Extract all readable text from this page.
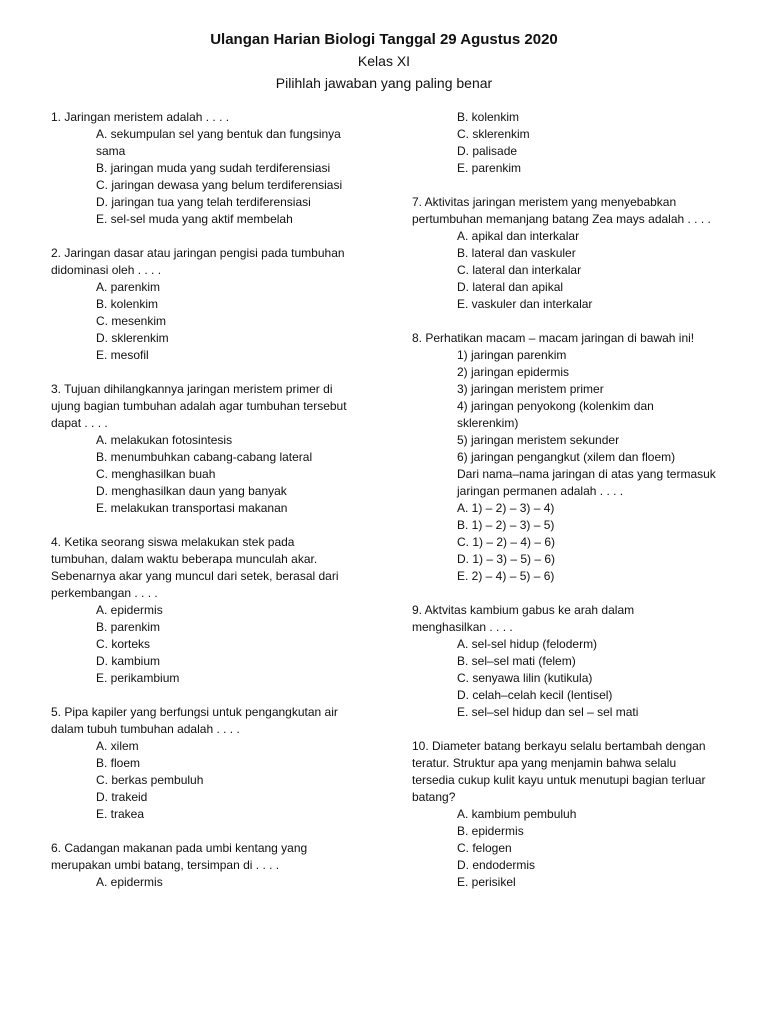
Ulangan Harian Biologi Tanggal 29 Agustus 2020
Kelas XI
Pilihlah jawaban yang paling benar

1. Jaringan meristem adalah . . . .

A. sekumpulan sel yang bentuk dan fungsinya

sama

B. jaringan muda yang sudah terdiferensiasi

C. jaringan dewasa yang belum terdiferensiasi

D. jaringan tua yang telah terdiferensiasi

E. sel-sel muda yang aktif membelah

2. Jaringan dasar atau jaringan pengisi pada tumbuhan

didominasi oleh . . . .

A. parenkim

B. kolenkim

C. mesenkim

D. sklerenkim

E. mesofil

3. Tujuan dihilangkannya jaringan meristem primer di

ujung bagian tumbuhan adalah agar tumbuhan tersebut

dapat . . . .

A. melakukan fotosintesis

B. menumbuhkan cabang-cabang lateral

C. menghasilkan buah

D. menghasilkan daun yang banyak

E. melakukan transportasi makanan

4. Ketika seorang siswa melakukan stek pada

tumbuhan, dalam waktu beberapa munculah akar.

Sebenarnya akar yang muncul dari setek, berasal dari

perkembangan . . . .

A. epidermis

B. parenkim

C. korteks

D. kambium

E. perikambium

5. Pipa kapiler yang berfungsi untuk pengangkutan air

dalam tubuh tumbuhan adalah . . . .

A. xilem

B. floem

C. berkas pembuluh

D. trakeid

E. trakea

6. Cadangan makanan pada umbi kentang yang

merupakan umbi batang, tersimpan di . . . .

A. epidermis

B. kolenkim

C. sklerenkim

D. palisade

E. parenkim

7. Aktivitas jaringan meristem yang menyebabkan

pertumbuhan memanjang batang Zea mays adalah . . . .

A. apikal dan interkalar

B. lateral dan vaskuler

C. lateral dan interkalar

D. lateral dan apikal

E. vaskuler dan interkalar

8. Perhatikan macam – macam jaringan di bawah ini!

1) jaringan parenkim

2) jaringan epidermis

3) jaringan meristem primer

4) jaringan penyokong (kolenkim dan

sklerenkim)

5) jaringan meristem sekunder

6) jaringan pengangkut (xilem dan floem)

Dari nama–nama jaringan di atas yang termasuk

jaringan permanen adalah . . . .

A. 1) – 2) – 3) – 4)

B. 1) – 2) – 3) – 5)

C. 1) – 2) – 4) – 6)

D. 1) – 3) – 5) – 6)

E. 2) – 4) – 5) – 6)

9. Aktvitas kambium gabus ke arah dalam

menghasilkan . . . .

A. sel-sel hidup (feloderm)

B. sel–sel mati (felem)

C. senyawa lilin (kutikula)

D. celah–celah kecil (lentisel)

E. sel–sel hidup dan sel – sel mati

10. Diameter batang berkayu selalu bertambah dengan

teratur. Struktur apa yang menjamin bahwa selalu

tersedia cukup kulit kayu untuk menutupi bagian terluar

batang?

A. kambium pembuluh

B. epidermis

C. felogen

D. endodermis

E. perisikel
